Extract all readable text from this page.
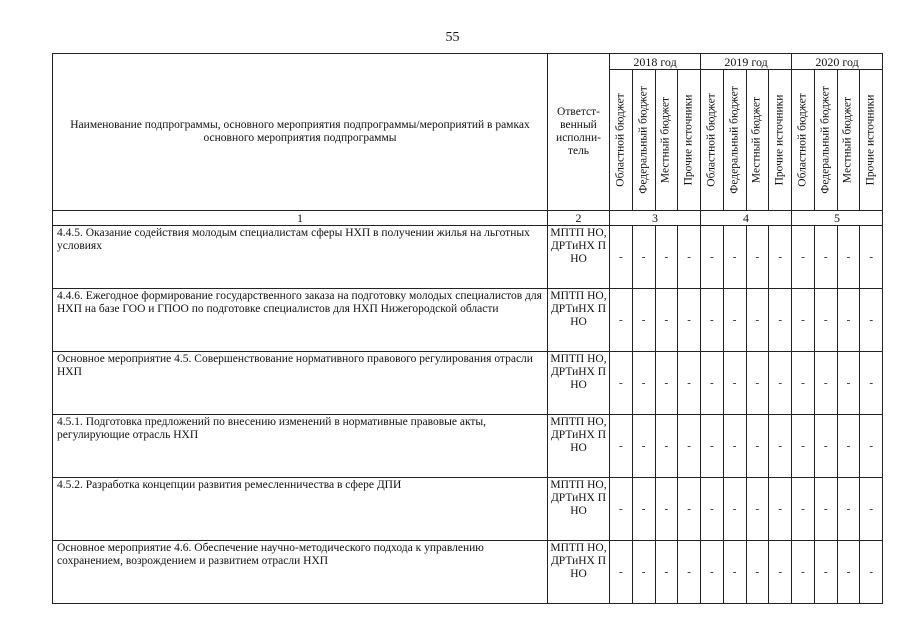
55
Наименование подпрограммы, основного мероприятия подпрограммы/мероприятий в рамках основного мероприятия подпрограммы	Ответст-венный исполни-тель	2018 год				2019 год				2020 год			

		Областной бюджет	Федеральный бюджет	Местный бюджет	Прочие источники	Областной бюджет	Федеральный бюджет	Местный бюджет	Прочие источники	Областной бюджет	Федеральный бюджет	Местный бюджет	Прочие источники

1	2	3				4				5			
4.4.5. Оказание содействия молодым специалистам сферы НХП в получении жилья на льготных условиях	МПТП НО, ДРТиНХ П НО	-	-	-	-	-	-	-	-	-	-	-	-
4.4.6. Ежегодное формирование государственного заказа на подготовку молодых специалистов для НХП на базе ГОО и ГПОО по подготовке специалистов для НХП Нижегородской области	МПТП НО, ДРТиНХ П НО	-	-	-	-	-	-	-	-	-	-	-	-
Основное мероприятие 4.5. Совершенствование нормативного правового регулирования отрасли НХП	МПТП НО, ДРТиНХ П НО	-	-	-	-	-	-	-	-	-	-	-	-
4.5.1. Подготовка предложений по внесению изменений в нормативные правовые акты, регулирующие отрасль НХП	МПТП НО, ДРТиНХ П НО	-	-	-	-	-	-	-	-	-	-	-	-
4.5.2. Разработка концепции развития ремесленничества в сфере ДПИ	МПТП НО, ДРТиНХ П НО	-	-	-	-	-	-	-	-	-	-	-	-
Основное мероприятие 4.6. Обеспечение научно-методического подхода к управлению сохранением, возрождением и развитием отрасли НХП	МПТП НО, ДРТиНХ П НО	-	-	-	-	-	-	-	-	-	-	-	-
